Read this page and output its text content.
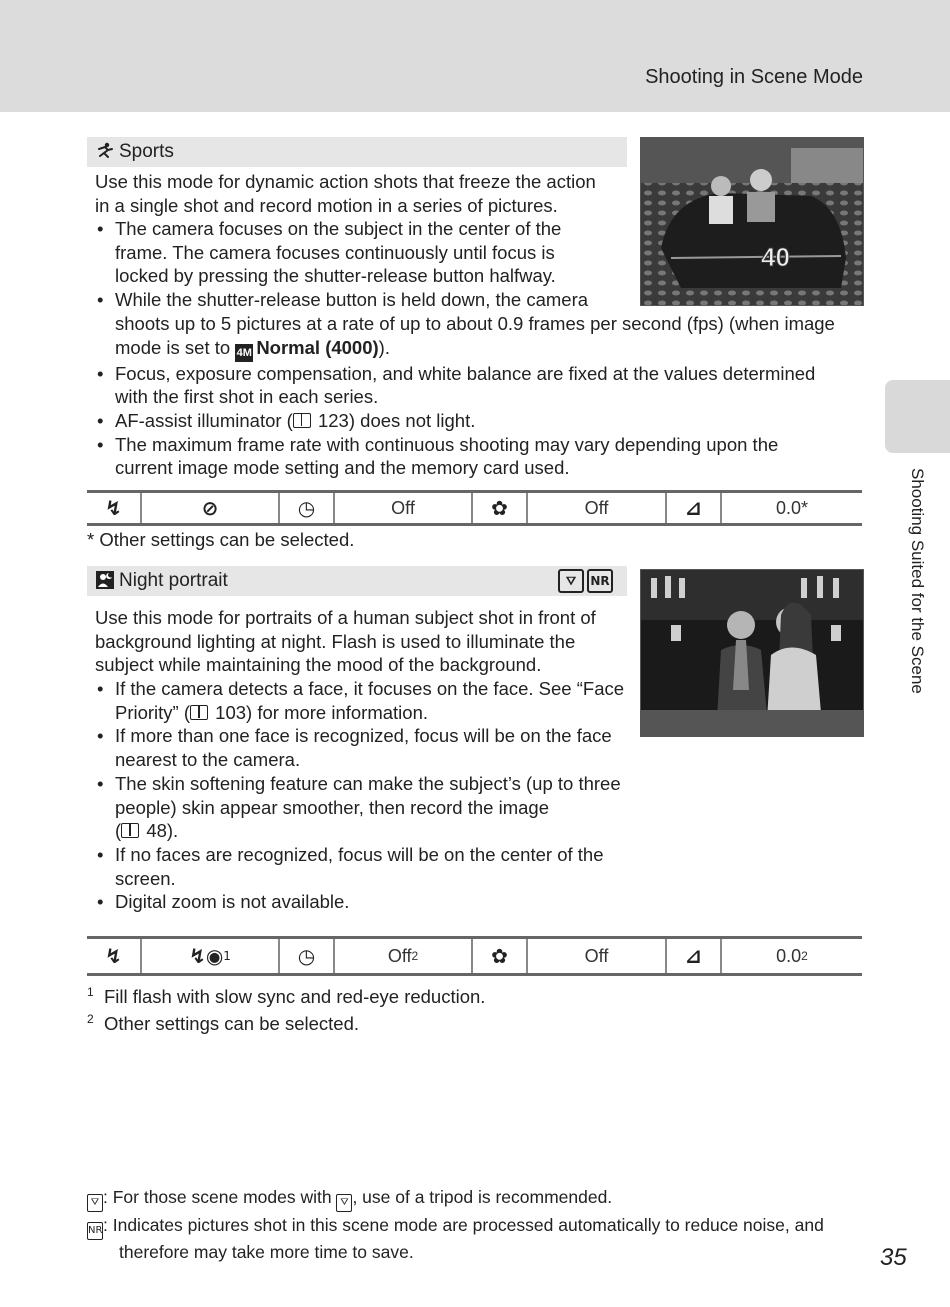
Shooting in Scene Mode
Shooting Suited for the Scene
Sports
40
Use this mode for dynamic action shots that freeze the action
in a single shot and record motion in a series of pictures.
• The camera focuses on the subject in the center of the
frame. The camera focuses continuously until focus is
locked by pressing the shutter-release button halfway.
• While the shutter-release button is held down, the camera
shoots up to 5 pictures at a rate of up to about 0.9 frames per second (fps) (when image
mode is set to 4M Normal (4000)).
• Focus, exposure compensation, and white balance are fixed at the values determined
with the first shot in each series.
• AF-assist illuminator ( 123) does not light.
• The maximum frame rate with continuous shooting may vary depending upon the
current image mode setting and the memory card used.
↯	⊘	◷	Off	✿	Off	⊿	0.0*
* Other settings can be selected.
Night portrait	⛛	NR
Use this mode for portraits of a human subject shot in front of
background lighting at night. Flash is used to illuminate the
subject while maintaining the mood of the background.
• If the camera detects a face, it focuses on the face. See “Face
Priority” ( 103) for more information.
• If more than one face is recognized, focus will be on the face
nearest to the camera.
• The skin softening feature can make the subject’s (up to three
people) skin appear smoother, then record the image
( 48).
• If no faces are recognized, focus will be on the center of the
screen.
• Digital zoom is not available.
↯	↯◉ 1	◷	Off 2	✿	Off	⊿	0.0 2
$^1$ Fill flash with slow sync and red-eye reduction.
$^2$ Other settings can be selected.
⛛ : For those scene modes with ⛛ , use of a tripod is recommended.
NR: Indicates pictures shot in this scene mode are processed automatically to reduce noise, and
therefore may take more time to save.	35
